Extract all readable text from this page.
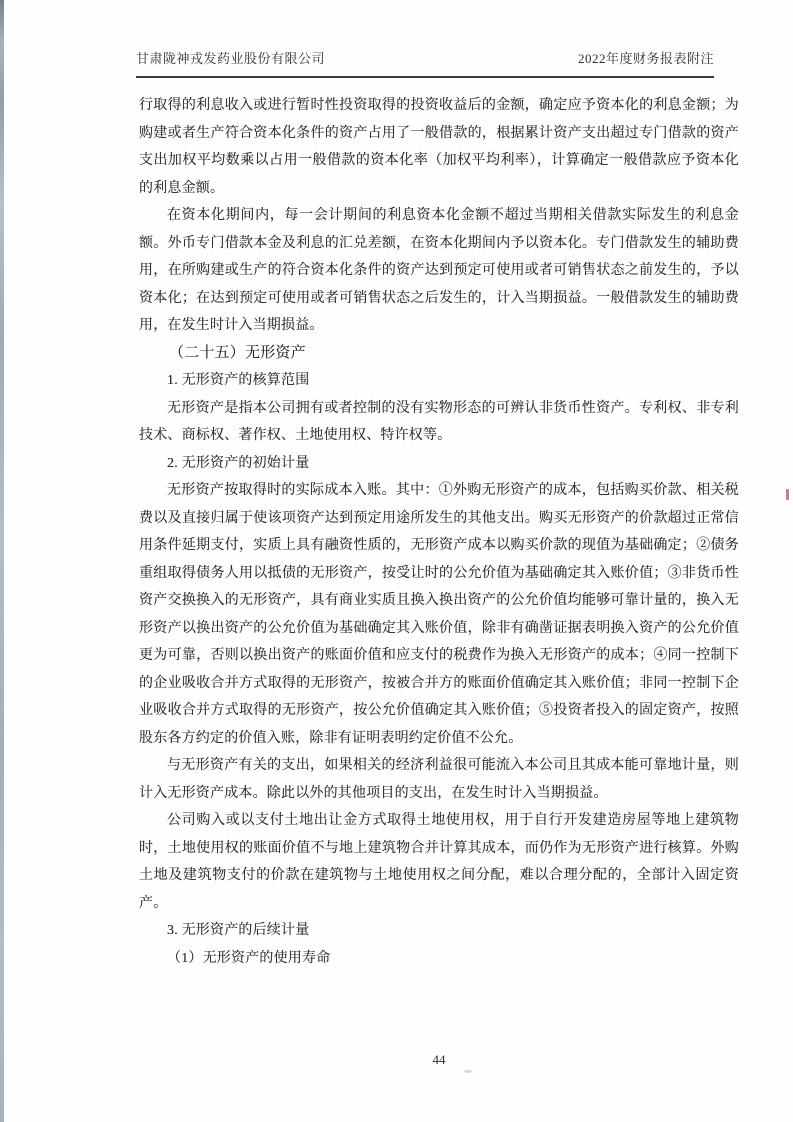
甘肃陇神戎发药业股份有限公司	2022年度财务报表附注

行取得的利息收入或进行暂时性投资取得的投资收益后的金额，确定应予资本化的利息金额；为购建或者生产符合资本化条件的资产占用了一般借款的，根据累计资产支出超过专门借款的资产支出加权平均数乘以占用一般借款的资本化率（加权平均利率），计算确定一般借款应予资本化的利息金额。

在资本化期间内，每一会计期间的利息资本化金额不超过当期相关借款实际发生的利息金额。外币专门借款本金及利息的汇兑差额，在资本化期间内予以资本化。专门借款发生的辅助费用，在所购建或生产的符合资本化条件的资产达到预定可使用或者可销售状态之前发生的，予以资本化；在达到预定可使用或者可销售状态之后发生的，计入当期损益。一般借款发生的辅助费用，在发生时计入当期损益。

（二十五）无形资产

1. 无形资产的核算范围

无形资产是指本公司拥有或者控制的没有实物形态的可辨认非货币性资产。专利权、非专利技术、商标权、著作权、土地使用权、特许权等。

2. 无形资产的初始计量

无形资产按取得时的实际成本入账。其中：①外购无形资产的成本，包括购买价款、相关税费以及直接归属于使该项资产达到预定用途所发生的其他支出。购买无形资产的价款超过正常信用条件延期支付，实质上具有融资性质的，无形资产成本以购买价款的现值为基础确定；②债务重组取得债务人用以抵债的无形资产，按受让时的公允价值为基础确定其入账价值；③非货币性资产交换换入的无形资产，具有商业实质且换入换出资产的公允价值均能够可靠计量的，换入无形资产以换出资产的公允价值为基础确定其入账价值，除非有确凿证据表明换入资产的公允价值更为可靠，否则以换出资产的账面价值和应支付的税费作为换入无形资产的成本；④同一控制下的企业吸收合并方式取得的无形资产，按被合并方的账面价值确定其入账价值；非同一控制下企业吸收合并方式取得的无形资产，按公允价值确定其入账价值；⑤投资者投入的固定资产，按照股东各方约定的价值入账，除非有证明表明约定价值不公允。

与无形资产有关的支出，如果相关的经济利益很可能流入本公司且其成本能可靠地计量，则计入无形资产成本。除此以外的其他项目的支出，在发生时计入当期损益。

公司购入或以支付土地出让金方式取得土地使用权，用于自行开发建造房屋等地上建筑物时，土地使用权的账面价值不与地上建筑物合并计算其成本，而仍作为无形资产进行核算。外购土地及建筑物支付的价款在建筑物与土地使用权之间分配，难以合理分配的，全部计入固定资产。

3. 无形资产的后续计量

（1）无形资产的使用寿命

44
